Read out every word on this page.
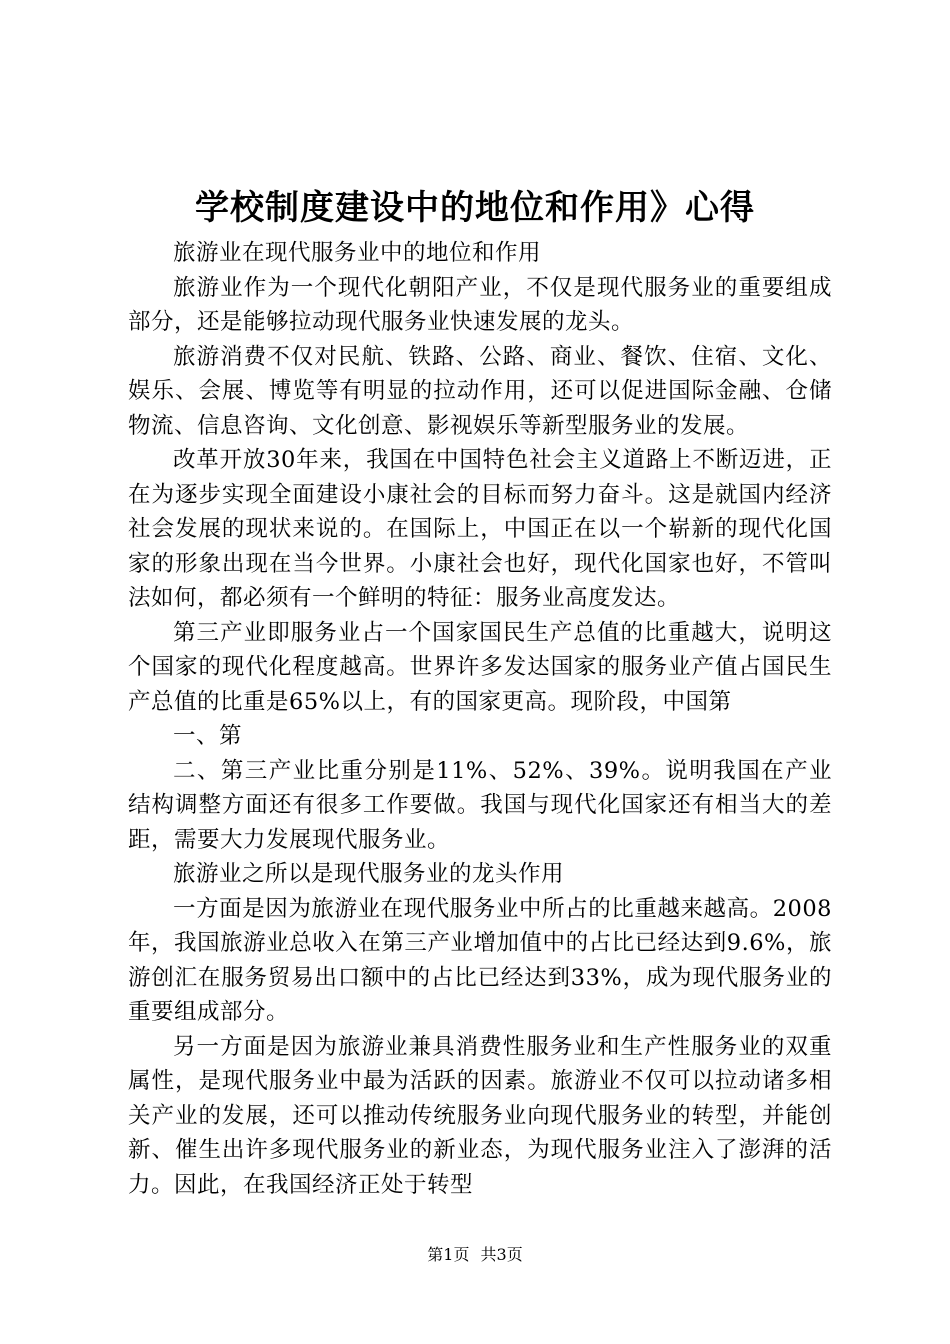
学校制度建设中的地位和作用》心得

旅游业在现代服务业中的地位和作用

旅游业作为一个现代化朝阳产业，不仅是现代服务业的重要组成部分，还是能够拉动现代服务业快速发展的龙头。

旅游消费不仅对民航、铁路、公路、商业、餐饮、住宿、文化、娱乐、会展、博览等有明显的拉动作用，还可以促进国际金融、仓储物流、信息咨询、文化创意、影视娱乐等新型服务业的发展。

改革开放30年来，我国在中国特色社会主义道路上不断迈进，正在为逐步实现全面建设小康社会的目标而努力奋斗。这是就国内经济社会发展的现状来说的。在国际上，中国正在以一个崭新的现代化国家的形象出现在当今世界。小康社会也好，现代化国家也好，不管叫法如何，都必须有一个鲜明的特征：服务业高度发达。

第三产业即服务业占一个国家国民生产总值的比重越大，说明这个国家的现代化程度越高。世界许多发达国家的服务业产值占国民生产总值的比重是65%以上，有的国家更高。现阶段，中国第

一、第

二、第三产业比重分别是11%、52%、39%。说明我国在产业结构调整方面还有很多工作要做。我国与现代化国家还有相当大的差距，需要大力发展现代服务业。

旅游业之所以是现代服务业的龙头作用

一方面是因为旅游业在现代服务业中所占的比重越来越高。2008年，我国旅游业总收入在第三产业增加值中的占比已经达到9.6%，旅游创汇在服务贸易出口额中的占比已经达到33%，成为现代服务业的重要组成部分。

另一方面是因为旅游业兼具消费性服务业和生产性服务业的双重属性，是现代服务业中最为活跃的因素。旅游业不仅可以拉动诸多相关产业的发展，还可以推动传统服务业向现代服务业的转型，并能创新、催生出许多现代服务业的新业态，为现代服务业注入了澎湃的活力。因此，在我国经济正处于转型

第1页 共3页
